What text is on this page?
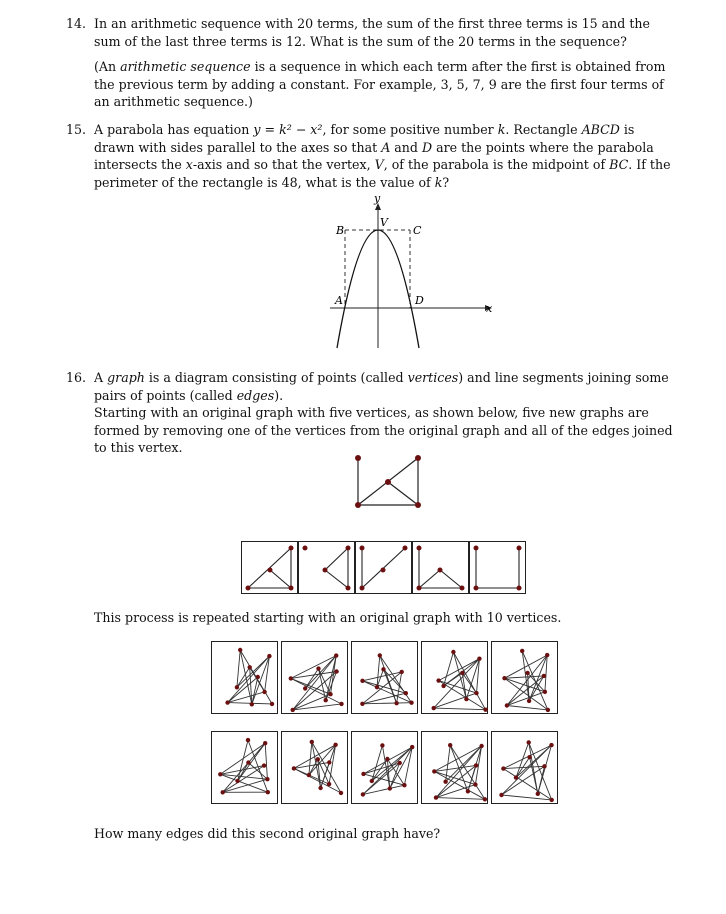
14. In an arithmetic sequence with 20 terms, the sum of the first three terms is 15 and the sum of the last three terms is 12. What is the sum of the 20 terms in the sequence?

(An arithmetic sequence is a sequence in which each term after the first is obtained from the previous term by adding a constant. For example, 3, 5, 7, 9 are the first four terms of an arithmetic sequence.)

15. A parabola has equation y = k² − x², for some positive number k. Rectangle ABCD is drawn with sides parallel to the axes so that A and D are the points where the parabola intersects the x-axis and so that the vertex, V, of the parabola is the midpoint of BC. If the perimeter of the rectangle is 48, what is the value of k?

y
x
V
B	C
A	D
16. A graph is a diagram consisting of points (called vertices) and line segments joining some pairs of points (called edges).

Starting with an original graph with five vertices, as shown below, five new graphs are formed by removing one of the vertices from the original graph and all of the edges joined to this vertex.

This process is repeated starting with an original graph with 10 vertices.
How many edges did this second original graph have?
